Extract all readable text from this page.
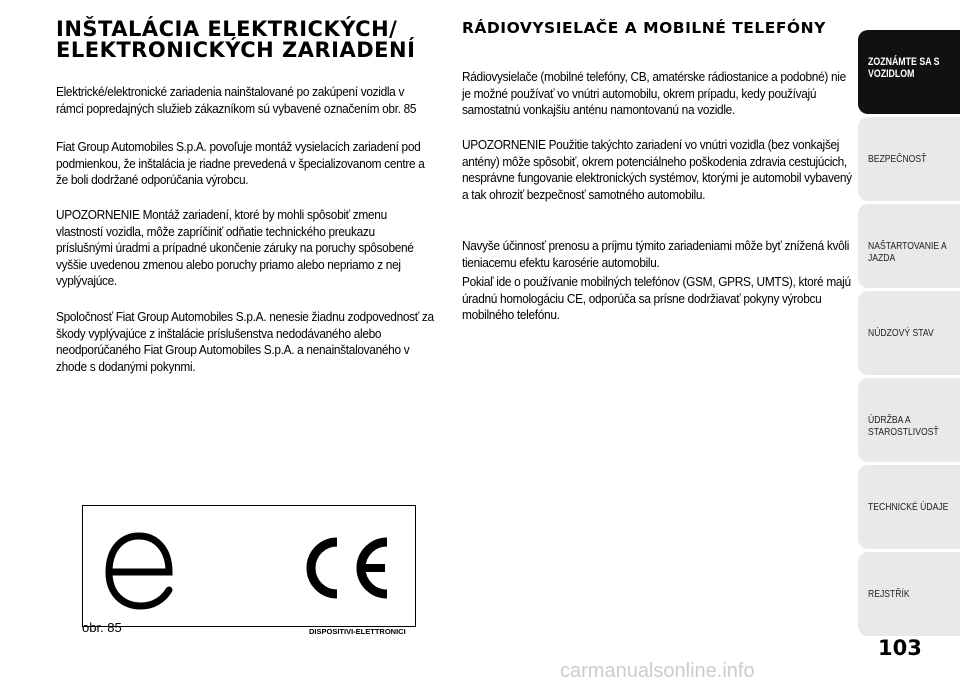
INŠTALÁCIA ELEKTRICKÝCH/ ELEKTRONICKÝCH ZARIADENÍ

Elektrické/elektronické zariadenia nainštalované po zakúpení vozidla v rámci popredajných služieb zákazníkom sú vybavené označením obr. 85

Fiat Group Automobiles S.p.A. povoľuje montáž vysielacích zariadení pod podmienkou, že inštalácia je riadne prevedená v špecializovanom centre a že boli dodržané odporúčania výrobcu.

UPOZORNENIE Montáž zariadení, ktoré by mohli spôsobiť zmenu vlastností vozidla, môže zapríčiniť odňatie technického preukazu príslušnými úradmi a prípadné ukončenie záruky na poruchy spôsobené vyššie uvedenou zmenou alebo poruchy priamo alebo nepriamo z nej vyplývajúce.

Spoločnosť Fiat Group Automobiles S.p.A. nenesie žiadnu zodpovednosť za škody vyplývajúce z inštalácie príslušenstva nedodávaného alebo neodporúčaného Fiat Group Automobiles S.p.A. a nenainštalovaného v zhode s dodanými pokynmi.

RÁDIOVYSIELAČE A MOBILNÉ TELEFÓNY

Rádiovysielače (mobilné telefóny, CB, amatérske rádiostanice a podobné) nie je možné používať vo vnútri automobilu, okrem prípadu, kedy používajú samostatnú vonkajšiu anténu namontovanú na vozidle.

UPOZORNENIE Použitie takýchto zariadení vo vnútri vozidla (bez vonkajšej antény) môže spôsobiť, okrem potenciálneho poškodenia zdravia cestujúcich, nesprávne fungovanie elektronických systémov, ktorými je automobil vybavený a tak ohroziť bezpečnosť samotného automobilu.

Navyše účinnosť prenosu a príjmu týmito zariadeniami môže byť znížená kvôli tieniacemu efektu karosérie automobilu.

Pokiaľ ide o používanie mobilných telefónov (GSM, GPRS, UMTS), ktoré majú úradnú homologáciu CE, odporúča sa prísne dodržiavať pokyny výrobcu mobilného telefónu.

obr. 85	DISPOSITIVI-ELETTRONICI
ZOZNÁMTE SA S VOZIDLOM
BEZPEČNOSŤ
NAŠTARTOVANIE A JAZDA
NÚDZOVÝ STAV
ÚDRŽBA A STAROSTLIVOSŤ
TECHNICKÉ ÚDAJE
REJSTŘÍK
103
carmanualsonline.info
